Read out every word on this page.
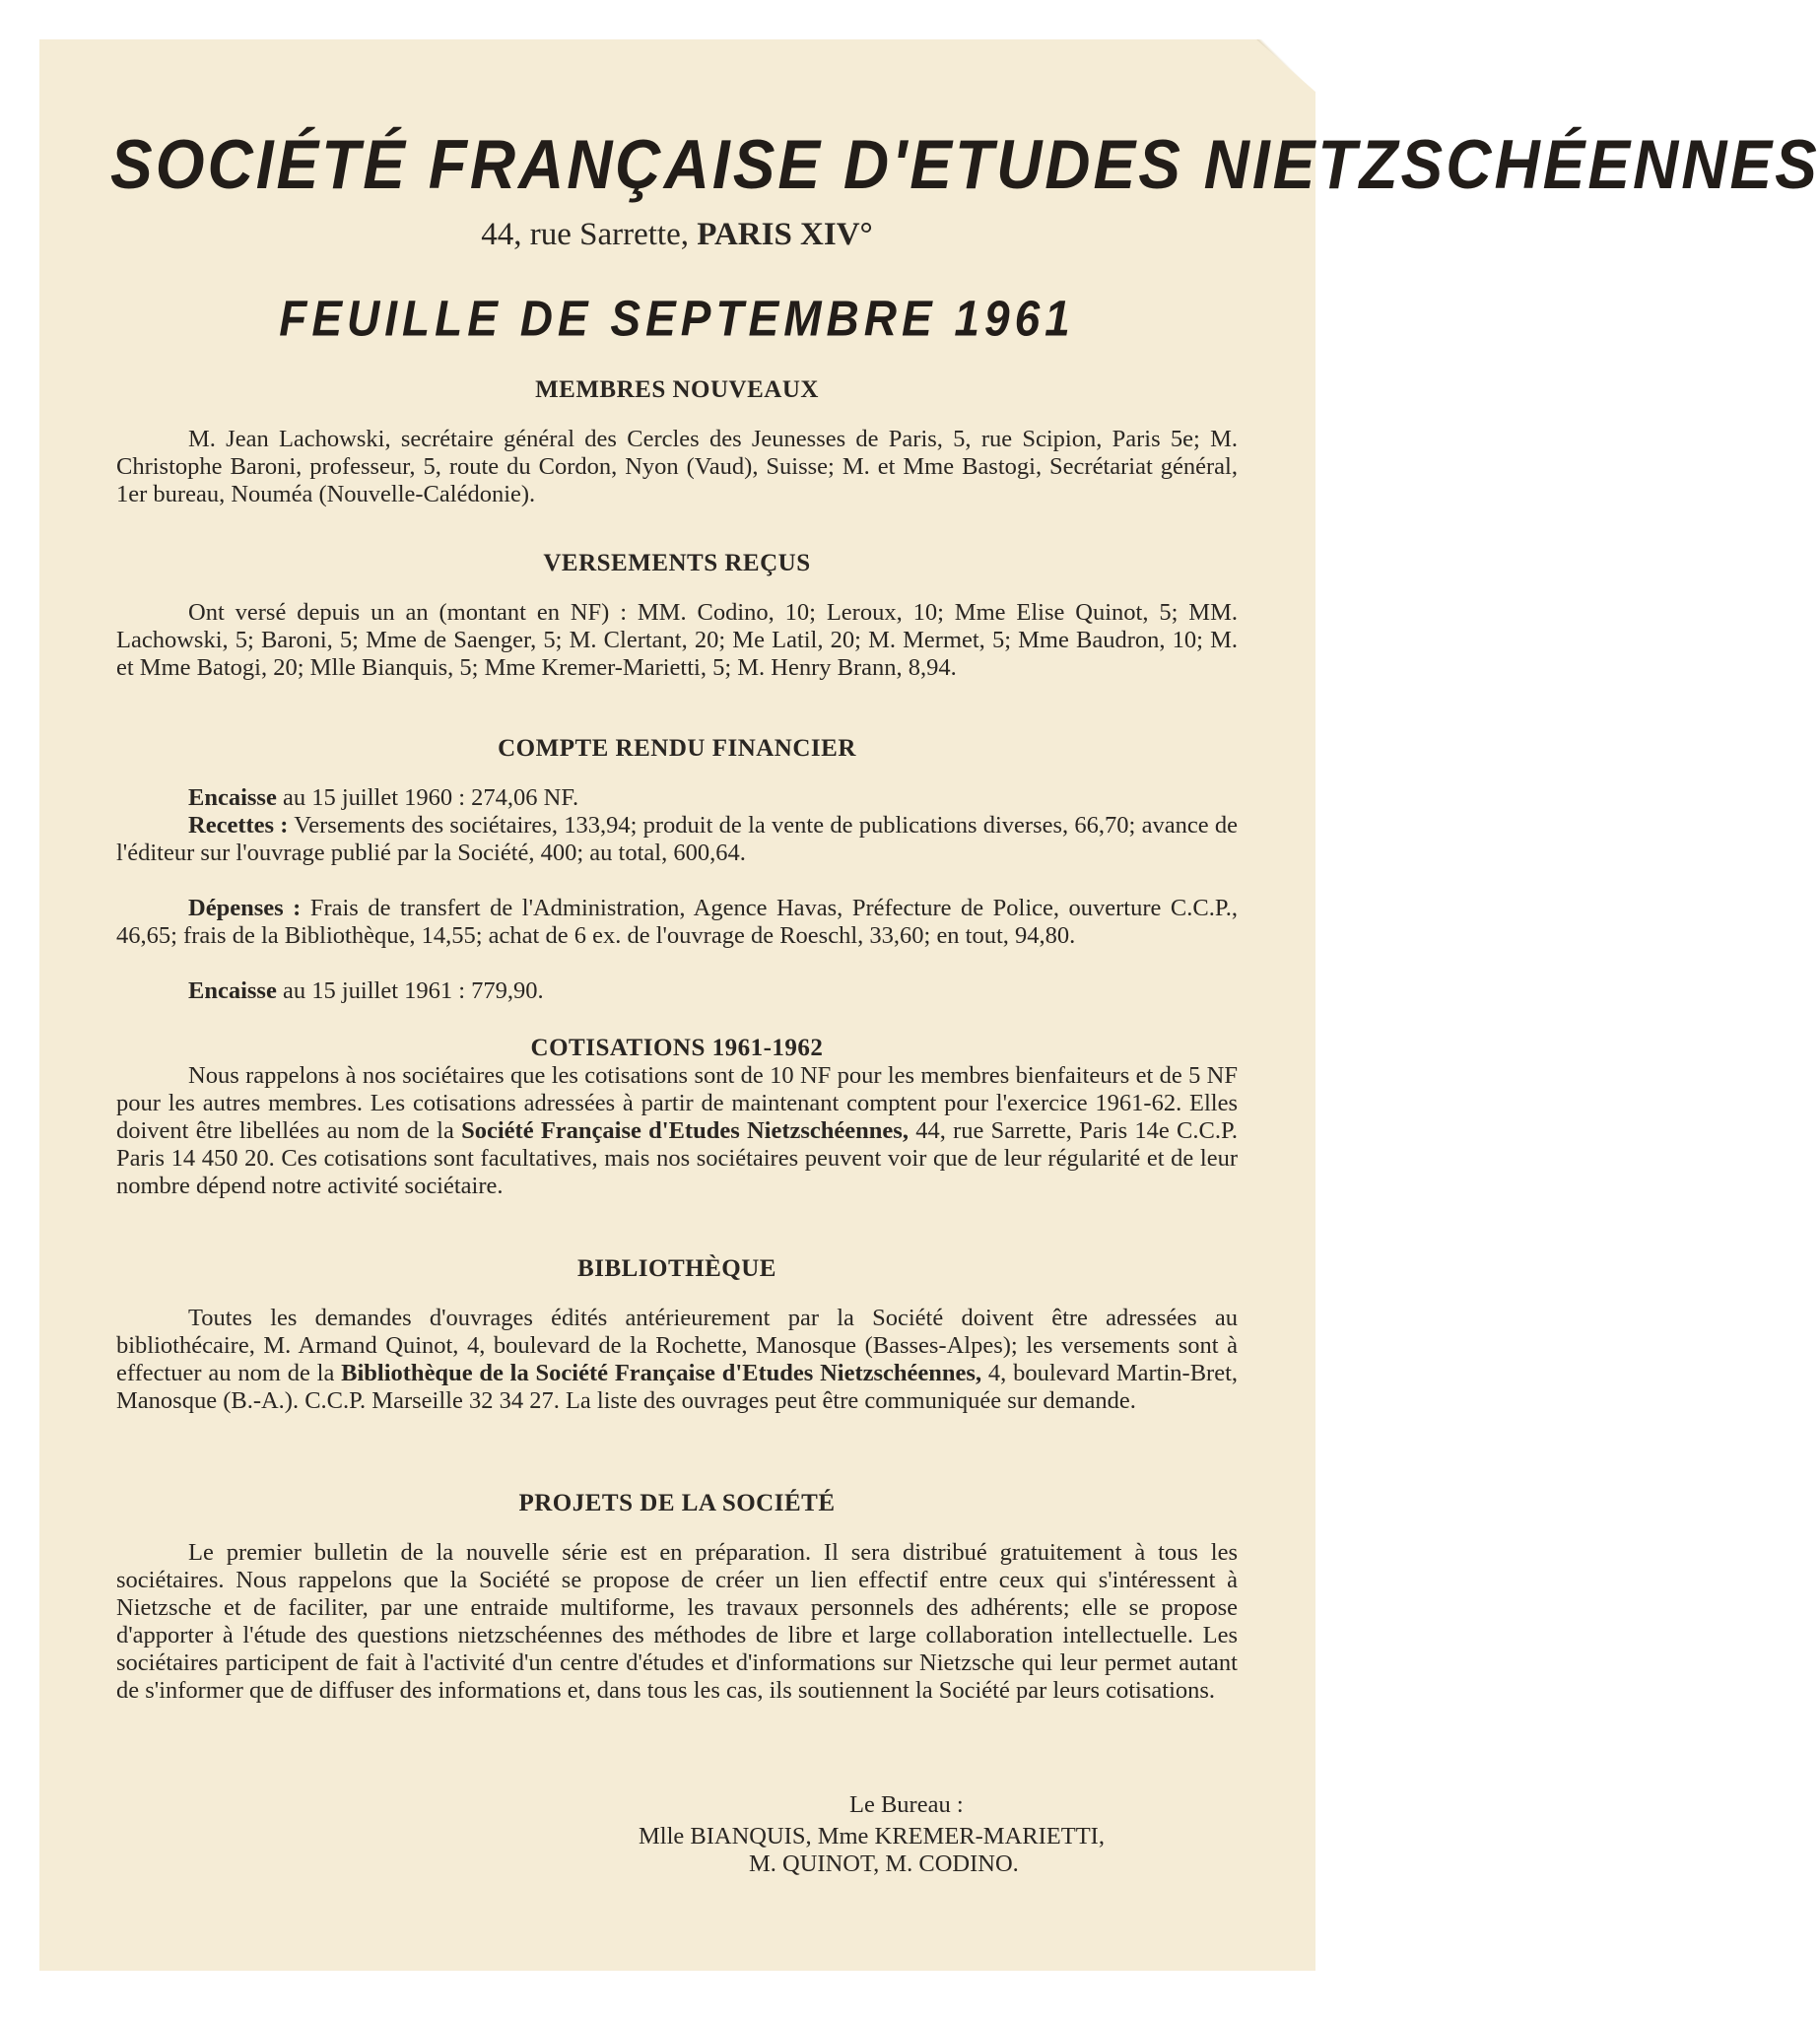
SOCIÉTÉ FRANÇAISE D'ETUDES NIETZSCHÉENNES
44, rue Sarrette, PARIS XIV°
FEUILLE DE SEPTEMBRE 1961
MEMBRES NOUVEAUX
M. Jean Lachowski, secrétaire général des Cercles des Jeunesses de Paris, 5, rue Scipion, Paris 5e; M. Christophe Baroni, professeur, 5, route du Cordon, Nyon (Vaud), Suisse; M. et Mme Bastogi, Secrétariat général, 1er bureau, Nouméa (Nouvelle-Calédonie).
VERSEMENTS REÇUS
Ont versé depuis un an (montant en NF) : MM. Codino, 10; Leroux, 10; Mme Elise Quinot, 5; MM. Lachowski, 5; Baroni, 5; Mme de Saenger, 5; M. Clertant, 20; Me Latil, 20; M. Mermet, 5; Mme Baudron, 10; M. et Mme Batogi, 20; Mlle Bianquis, 5; Mme Kremer-Marietti, 5; M. Henry Brann, 8,94.
COMPTE RENDU FINANCIER
Encaisse au 15 juillet 1960 : 274,06 NF.
Recettes : Versements des sociétaires, 133,94; produit de la vente de publications diverses, 66,70; avance de l'éditeur sur l'ouvrage publié par la Société, 400; au total, 600,64.
Dépenses : Frais de transfert de l'Administration, Agence Havas, Préfecture de Police, ouverture C.C.P., 46,65; frais de la Bibliothèque, 14,55; achat de 6 ex. de l'ouvrage de Roeschl, 33,60; en tout, 94,80.
Encaisse au 15 juillet 1961 : 779,90.
COTISATIONS 1961-1962
Nous rappelons à nos sociétaires que les cotisations sont de 10 NF pour les membres bienfaiteurs et de 5 NF pour les autres membres. Les cotisations adressées à partir de maintenant comptent pour l'exercice 1961-62. Elles doivent être libellées au nom de la Société Française d'Etudes Nietzschéennes, 44, rue Sarrette, Paris 14e C.C.P. Paris 14 450 20. Ces cotisations sont facultatives, mais nos sociétaires peuvent voir que de leur régularité et de leur nombre dépend notre activité sociétaire.
BIBLIOTHÈQUE
Toutes les demandes d'ouvrages édités antérieurement par la Société doivent être adressées au bibliothécaire, M. Armand Quinot, 4, boulevard de la Rochette, Manosque (Basses-Alpes); les versements sont à effectuer au nom de la Bibliothèque de la Société Française d'Etudes Nietzschéennes, 4, boulevard Martin-Bret, Manosque (B.-A.). C.C.P. Marseille 32 34 27. La liste des ouvrages peut être communiquée sur demande.
PROJETS DE LA SOCIÉTÉ
Le premier bulletin de la nouvelle série est en préparation. Il sera distribué gratuitement à tous les sociétaires. Nous rappelons que la Société se propose de créer un lien effectif entre ceux qui s'intéressent à Nietzsche et de faciliter, par une entraide multiforme, les travaux personnels des adhérents; elle se propose d'apporter à l'étude des questions nietzschéennes des méthodes de libre et large collaboration intellectuelle. Les sociétaires participent de fait à l'activité d'un centre d'études et d'informations sur Nietzsche qui leur permet autant de s'informer que de diffuser des informations et, dans tous les cas, ils soutiennent la Société par leurs cotisations.
Le Bureau :
Mlle BIANQUIS, Mme KREMER-MARIETTI,
M. QUINOT, M. CODINO.
